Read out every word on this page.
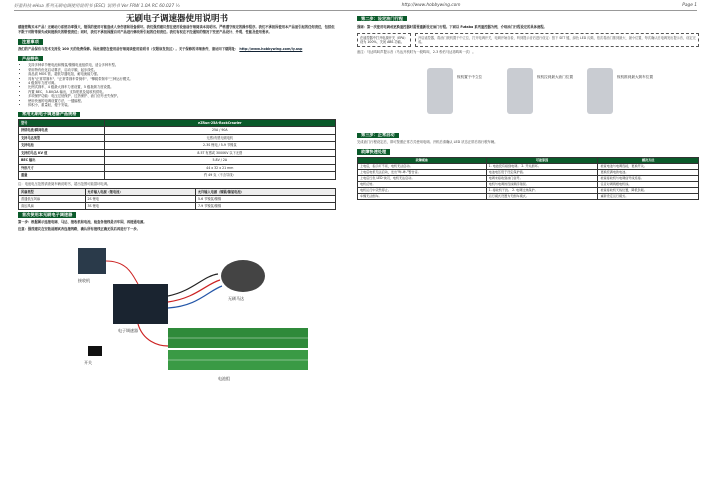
好盈科技 eHua 系列无刷电调使用说明书 (ESC) 说明书 Ver FRW 1.0A RC 60.027 ½	http://www.hobbywing.com	Page 1
无刷电子调速器使用说明书

感谢您购买本产品！无刷动力系统功率强大，错误的使用可能造成人身伤害和设备损坏。我们强烈建议您在使用设备前仔细阅读本说明书。严格遵守规定的操作程序。我们不承担因使用本产品而引起的任何责任，包括但不限于对附带损失或间接损失的赔偿责任；同时，我们不承担因擅自对产品进行修改所引起的任何责任。我们有权在不经通知的情况下变更产品设计、外观、性能及使用要求。

注意事项

我们的产品保有与技术支持及 100 天的免费保修。因此请您在使用前仔细阅读使用说明书（仅限该发货区）。关于保修的详细条件，请访问下载网址： http://www.hobbywing.com/ly.asp

产品特色
• 支持多种单节锂电池和镍氢/镍镉电池组供电，适合多种车型。
• 采用特有优化启动算法，启动平顺，起步线性。
• 高品质 MOS 管，超低导通电阻，耐电流能力强。
• 具有"正常带刹车"、"正常带刹车带倒车"、"攀爬带刹车"三种运行模式。
• 4 级刹车力度可调。
• 比例式刹车，4 级最大刹车力度设置，5 级拖刹力度设置。
• 内置 BEC，5.8V/2A 输出，支持舵机及接收机供电。
• 多项保护功能：电压过低保护、过热保护、油门信号丢失保护。
• 使用快速的电调设置方法，一键编程。
• 体积小，重量轻，便于安装。
常用无刷电子调速器产品规格
型号	eZRun-25A-RockCrawler
持续电流/瞬间电流	25A / 90A
支持马达类型	无感/有感无刷电机
支持电池	2-3S 锂电 / 5-9 节镍氢
支持的马达 KV 值	8.5T 有感或 3000KV 以下无感
BEC 输出	5.8V / 2A
外形尺寸	44 x 32 x 21 mm
重量	约 49 克（不含导线）

注：电池电压范围请查阅车辆说明书，超出范围可能损坏电调。

风扇类型	允许输入电源（锂电池）	允许输入电源（镍镉/镍氢电池）
普通低压风扇	2S 锂电	5-6 节镍氢/镍镉
高压风扇	3S 锂电	7-9 节镍氢/镍镉
首次使用本无刷电子调速器

第一步：根据图示连接电调、马达、接收机和电池，检查各接线是否牢固，再接通电源。

注意：强烈建议在安装前测试各连接线路，确认所有接线正确无误后再进行下一步。

接收机
电子调速器
无刷马达
电池组
开关
第二步：设定油门行程

强调：第一次使用电调或更换遥控器时需要重新设定油门行程。下面以 Futaba 系列遥控器为例，介绍油门行程设定的具体流程。

在遥控器中打开电源开关（EPA）设为 100%，关闭 ABS 功能。
开启遥控器，将油门扳机置于中立位，打开电调开关，电调开始自检，听到提示音后进行设定：按下 SET 键，绿色 LED 闪烁，依次将油门推到最大、最小位置，每次确认后电调发出提示音，设定完成。

备注：马达鸣叫声提示音（马达开机时为一段鸣叫，2-3 秒后马达再鸣叫一次）。

扳机置于中立位	扳机拉到最大油门位置	扳机推到最大刹车位置
第三步：正常启动

完成油门行程设定后，即可按照正常方式使用电调。开机后请确认 LED 状态正常后再行驶车辆。

故障快速处理
故障现象	可能原因	解决方法
上电后，指示灯不亮，电机无法启动。	1. 电池没有接到电调。 2. 开关损坏。	检查电池与电调连接，更换开关。
上电后电机无法启动，发出"哔-哔-"警告音。	电池电压低于设定保护值。	更换充满电的电池。
上电后红色 LED 快闪，电机无法启动。	电调未接收到油门信号。	检查接收机与电调信号线连接。
电机反转。	电机与电调的连线顺序错误。	任意对调两根电机线。
电机运行中突然停止。	1. 接收机干扰。 2. 电调过热保护。	检查接收机天线位置，降低负载。
车辆无法倒车。	运行模式设置为无倒车模式。	重新设定运行模式。
